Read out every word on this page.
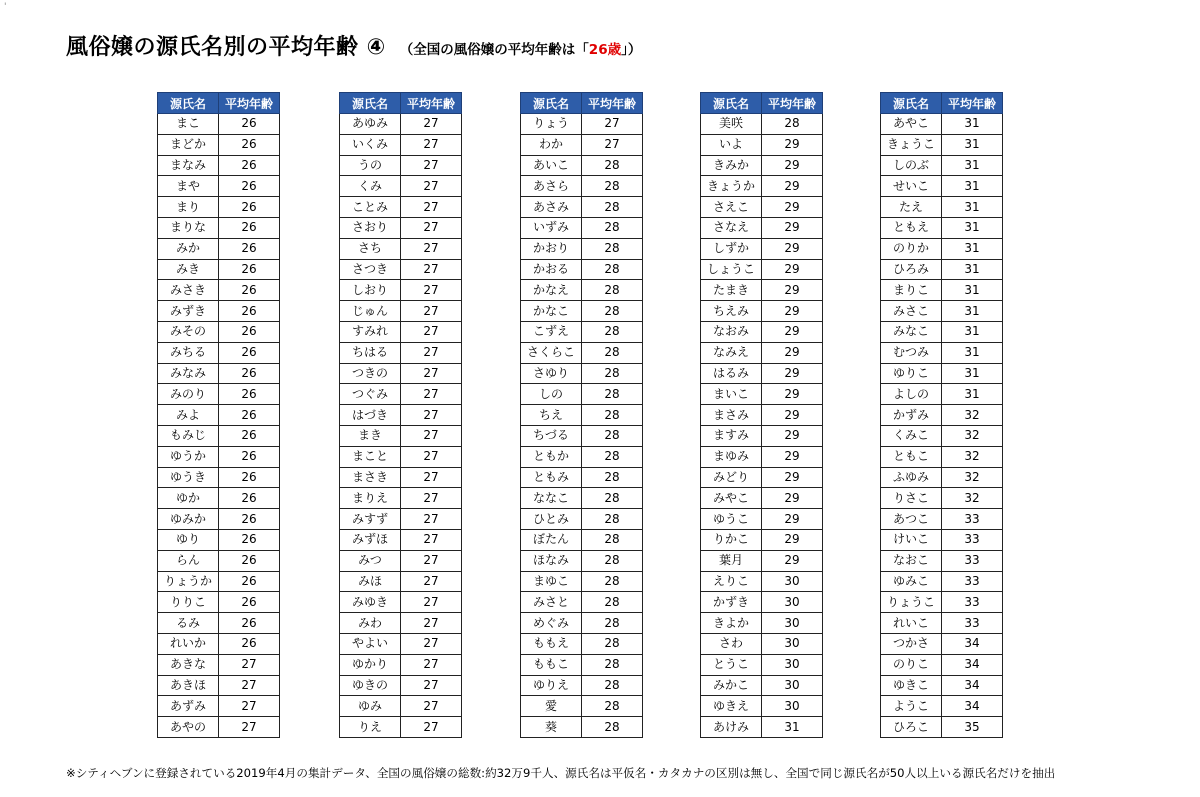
'
風俗嬢の源氏名別の平均年齢 ④ （全国の風俗嬢の平均年齢は「26歳」）
源氏名	平均年齢
まこ	26
まどか	26
まなみ	26
まや	26
まり	26
まりな	26
みか	26
みき	26
みさき	26
みずき	26
みその	26
みちる	26
みなみ	26
みのり	26
みよ	26
もみじ	26
ゆうか	26
ゆうき	26
ゆか	26
ゆみか	26
ゆり	26
らん	26
りょうか	26
りりこ	26
るみ	26
れいか	26
あきな	27
あきほ	27
あずみ	27
あやの	27
源氏名	平均年齢
あゆみ	27
いくみ	27
うの	27
くみ	27
ことみ	27
さおり	27
さち	27
さつき	27
しおり	27
じゅん	27
すみれ	27
ちはる	27
つきの	27
つぐみ	27
はづき	27
まき	27
まこと	27
まさき	27
まりえ	27
みすず	27
みずほ	27
みつ	27
みほ	27
みゆき	27
みわ	27
やよい	27
ゆかり	27
ゆきの	27
ゆみ	27
りえ	27
源氏名	平均年齢
りょう	27
わか	27
あいこ	28
あさら	28
あさみ	28
いずみ	28
かおり	28
かおる	28
かなえ	28
かなこ	28
こずえ	28
さくらこ	28
さゆり	28
しの	28
ちえ	28
ちづる	28
ともか	28
ともみ	28
ななこ	28
ひとみ	28
ぼたん	28
ほなみ	28
まゆこ	28
みさと	28
めぐみ	28
ももえ	28
ももこ	28
ゆりえ	28
愛	28
葵	28
源氏名	平均年齢
美咲	28
いよ	29
きみか	29
きょうか	29
さえこ	29
さなえ	29
しずか	29
しょうこ	29
たまき	29
ちえみ	29
なおみ	29
なみえ	29
はるみ	29
まいこ	29
まさみ	29
ますみ	29
まゆみ	29
みどり	29
みやこ	29
ゆうこ	29
りかこ	29
葉月	29
えりこ	30
かずき	30
きよか	30
さわ	30
とうこ	30
みかこ	30
ゆきえ	30
あけみ	31
源氏名	平均年齢
あやこ	31
きょうこ	31
しのぶ	31
せいこ	31
たえ	31
ともえ	31
のりか	31
ひろみ	31
まりこ	31
みさこ	31
みなこ	31
むつみ	31
ゆりこ	31
よしの	31
かずみ	32
くみこ	32
ともこ	32
ふゆみ	32
りさこ	32
あつこ	33
けいこ	33
なおこ	33
ゆみこ	33
りょうこ	33
れいこ	33
つかさ	34
のりこ	34
ゆきこ	34
ようこ	34
ひろこ	35
※シティヘブンに登録されている2019年4月の集計データ、全国の風俗嬢の総数:約32万9千人、源氏名は平仮名・カタカナの区別は無し、全国で同じ源氏名が50人以上いる源氏名だけを抽出
